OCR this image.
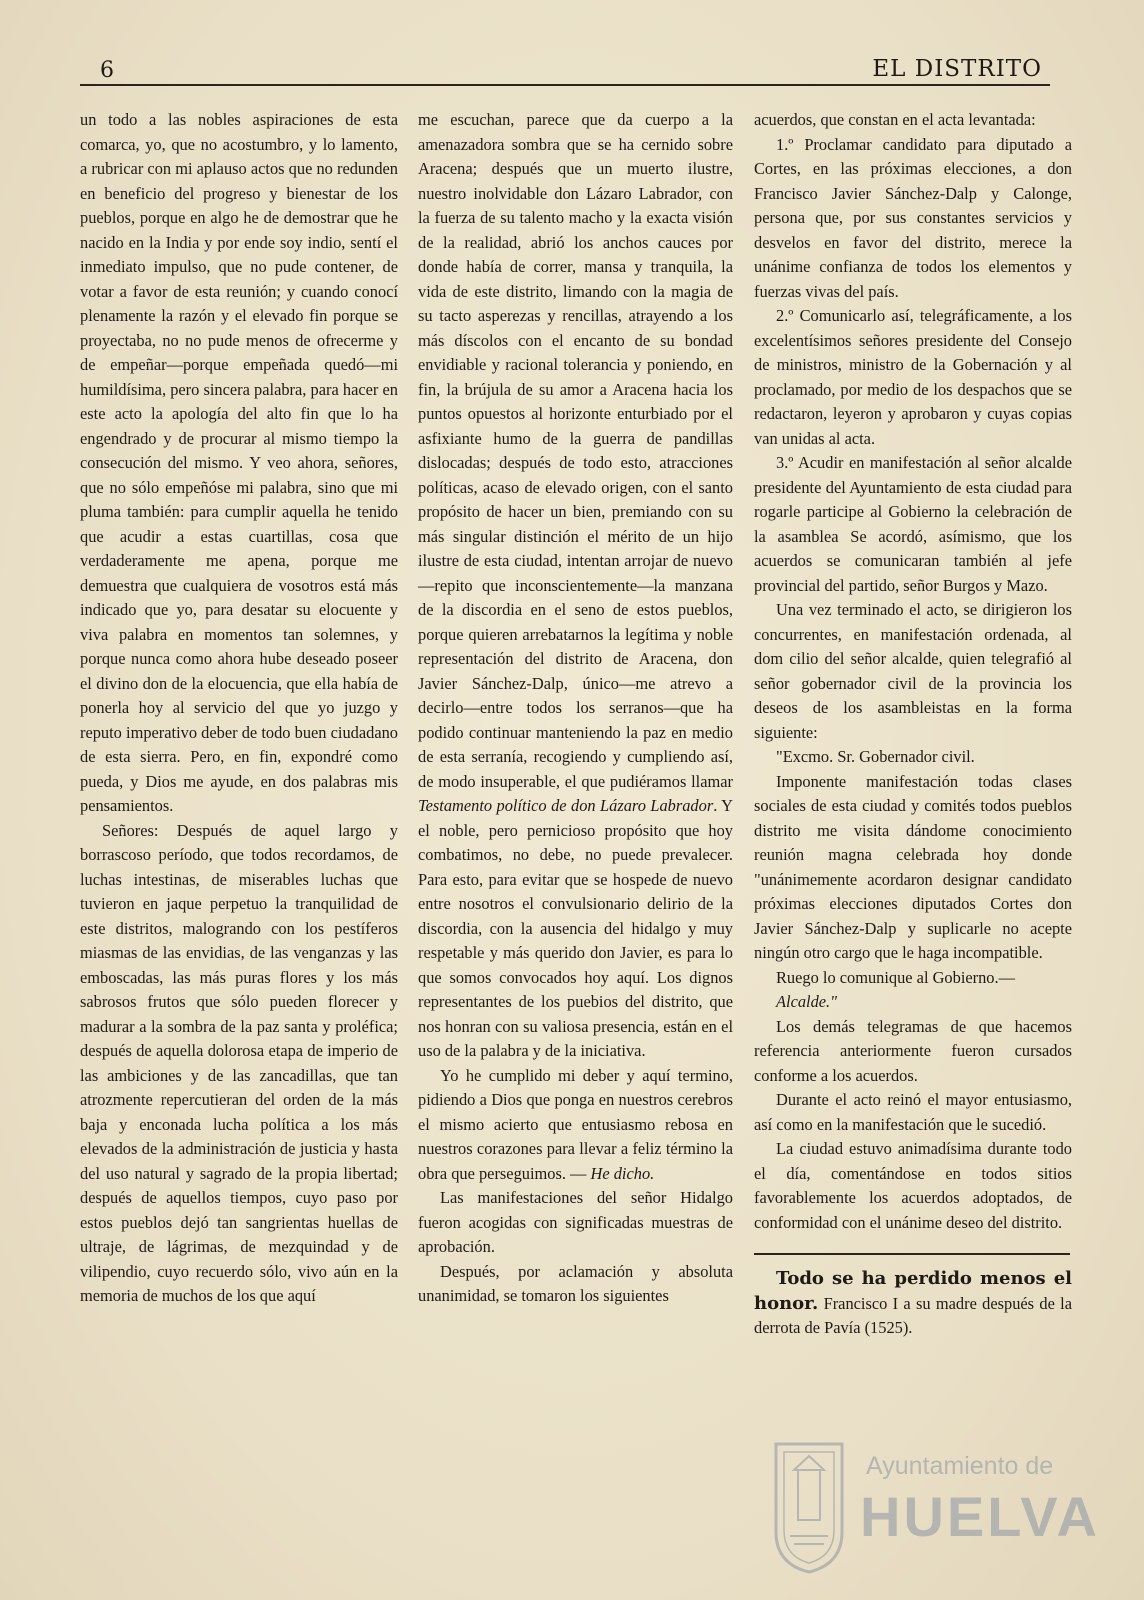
6	EL DISTRITO

un todo a las nobles aspiraciones de esta comarca, yo, que no acostumbro, y lo lamento, a rubricar con mi aplauso actos que no redunden en beneficio del progreso y bienestar de los pueblos, porque en algo he de demostrar que he nacido en la India y por ende soy indio, sentí el inmediato impulso, que no pude contener, de votar a favor de esta reunión; y cuando conocí plenamente la razón y el elevado fin porque se proyectaba, no no pude menos de ofrecerme y de empeñar—porque empeñada quedó—mi humildísima, pero sincera palabra, para hacer en este acto la apología del alto fin que lo ha engendrado y de procurar al mismo tiempo la consecución del mismo. Y veo ahora, señores, que no sólo empeñóse mi palabra, sino que mi pluma también: para cumplir aquella he tenido que acudir a estas cuartillas, cosa que verdaderamente me apena, porque me demuestra que cualquiera de vosotros está más indicado que yo, para desatar su elocuente y viva palabra en momentos tan solemnes, y porque nunca como ahora hube deseado poseer el divino don de la elocuencia, que ella había de ponerla hoy al servicio del que yo juzgo y reputo imperativo deber de todo buen ciudadano de esta sierra. Pero, en fin, expondré como pueda, y Dios me ayude, en dos palabras mis pensamientos.

Señores: Después de aquel largo y borrascoso período, que todos recordamos, de luchas intestinas, de miserables luchas que tuvieron en jaque perpetuo la tranquilidad de este distritos, malogrando con los pestíferos miasmas de las envidias, de las venganzas y las emboscadas, las más puras flores y los más sabrosos frutos que sólo pueden florecer y madurar a la sombra de la paz santa y proléfica; después de aquella dolorosa etapa de imperio de las ambiciones y de las zancadillas, que tan atrozmente repercutieran del orden de la más baja y enconada lucha política a los más elevados de la administración de justicia y hasta del uso natural y sagrado de la propia libertad; después de aquellos tiempos, cuyo paso por estos pueblos dejó tan sangrientas huellas de ultraje, de lágrimas, de mezquindad y de vilipendio, cuyo recuerdo sólo, vivo aún en la memoria de muchos de los que aquí

me escuchan, parece que da cuerpo a la amenazadora sombra que se ha cernido sobre Aracena; después que un muerto ilustre, nuestro inolvidable don Lázaro Labrador, con la fuerza de su talento macho y la exacta visión de la realidad, abrió los anchos cauces por donde había de correr, mansa y tranquila, la vida de este distrito, limando con la magia de su tacto asperezas y rencillas, atrayendo a los más díscolos con el encanto de su bondad envidiable y racional tolerancia y poniendo, en fin, la brújula de su amor a Aracena hacia los puntos opuestos al horizonte enturbiado por el asfixiante humo de la guerra de pandillas dislocadas; después de todo esto, atracciones políticas, acaso de elevado origen, con el santo propósito de hacer un bien, premiando con su más singular distinción el mérito de un hijo ilustre de esta ciudad, intentan arrojar de nuevo—repito que inconscientemente—la manzana de la discordia en el seno de estos pueblos, porque quieren arrebatarnos la legítima y noble representación del distrito de Aracena, don Javier Sánchez-Dalp, único—me atrevo a decirlo—entre todos los serranos—que ha podido continuar manteniendo la paz en medio de esta serranía, recogiendo y cumpliendo así, de modo insuperable, el que pudiéramos llamar Testamento político de don Lázaro Labrador. Y el noble, pero pernicioso propósito que hoy combatimos, no debe, no puede prevalecer. Para esto, para evitar que se hospede de nuevo entre nosotros el convulsionario delirio de la discordia, con la ausencia del hidalgo y muy respetable y más querido don Javier, es para lo que somos convocados hoy aquí. Los dignos representantes de los puebios del distrito, que nos honran con su valiosa presencia, están en el uso de la palabra y de la iniciativa.

Yo he cumplido mi deber y aquí termino, pidiendo a Dios que ponga en nuestros cerebros el mismo acierto que entusiasmo rebosa en nuestros corazones para llevar a feliz término la obra que perseguimos. — He dicho.

Las manifestaciones del señor Hidalgo fueron acogidas con significadas muestras de aprobación.

Después, por aclamación y absoluta unanimidad, se tomaron los siguientes

acuerdos, que constan en el acta levantada:

1.º Proclamar candidato para diputado a Cortes, en las próximas elecciones, a don Francisco Javier Sánchez-Dalp y Calonge, persona que, por sus constantes servicios y desvelos en favor del distrito, merece la unánime confianza de todos los elementos y fuerzas vivas del país.

2.º Comunicarlo así, telegráficamente, a los excelentísimos señores presidente del Consejo de ministros, ministro de la Gobernación y al proclamado, por medio de los despachos que se redactaron, leyeron y aprobaron y cuyas copias van unidas al acta.

3.º Acudir en manifestación al señor alcalde presidente del Ayuntamiento de esta ciudad para rogarle participe al Gobierno la celebración de la asamblea Se acordó, asímismo, que los acuerdos se comunicaran también al jefe provincial del partido, señor Burgos y Mazo.

Una vez terminado el acto, se dirigieron los concurrentes, en manifestación ordenada, al dom cilio del señor alcalde, quien telegrafió al señor gobernador civil de la provincia los deseos de los asambleistas en la forma siguiente:

"Excmo. Sr. Gobernador civil.

Imponente manifestación todas clases sociales de esta ciudad y comités todos pueblos distrito me visita dándome conocimiento reunión magna celebrada hoy donde "unánimemente acordaron designar candidato próximas elecciones diputados Cortes don Javier Sánchez-Dalp y suplicarle no acepte ningún otro cargo que le haga incompatible.

Ruego lo comunique al Gobierno.—

Alcalde."

Los demás telegramas de que hacemos referencia anteriormente fueron cursados conforme a los acuerdos.

Durante el acto reinó el mayor entusiasmo, así como en la manifestación que le sucedió.

La ciudad estuvo animadísima durante todo el día, comentándose en todos sitios favorablemente los acuerdos adoptados, de conformidad con el unánime deseo del distrito.

Todo se ha perdido menos el honor. Francisco I a su madre después de la derrota de Pavía (1525).

Ayuntamiento de
HUELVA
